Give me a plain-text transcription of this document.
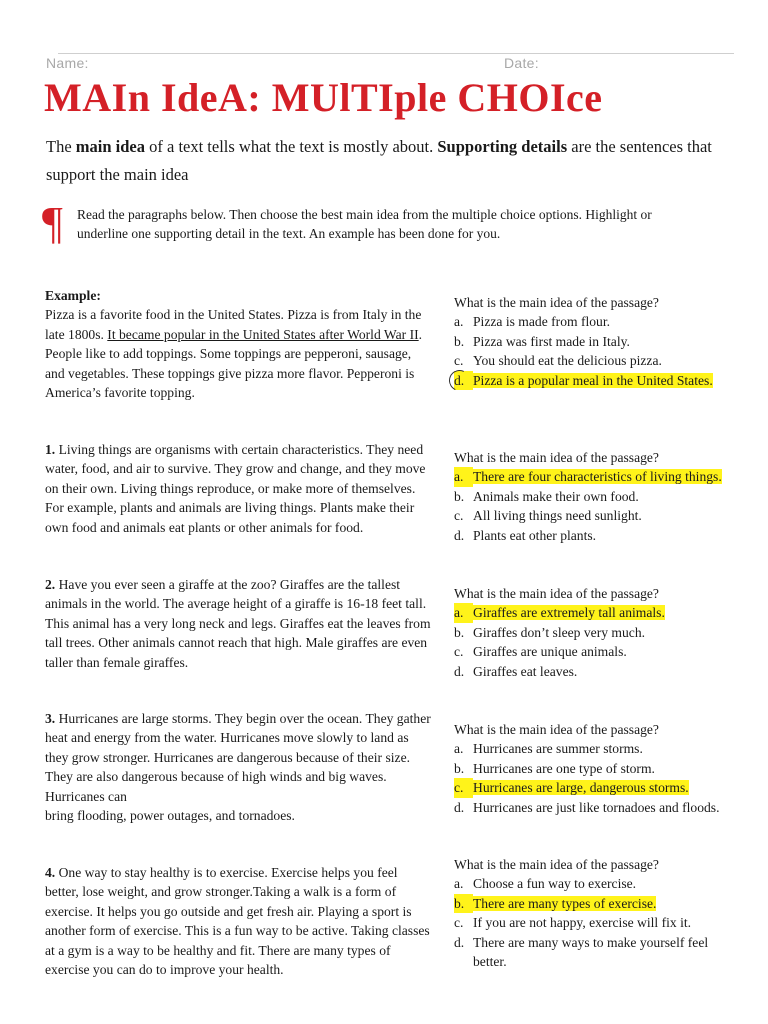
Name:	Date:
MAIn IdeA: MUlTIple CHOIce

The main idea of a text tells what the text is mostly about. Supporting details are the sentences that support the main idea

¶ Read the paragraphs below. Then choose the best main idea from the multiple choice options. Highlight or underline one supporting detail in the text. An example has been done for you.

Example:
Pizza is a favorite food in the United States. Pizza is from Italy in the late 1800s. It became popular in the United States after World War II. People like to add toppings. Some toppings are pepperoni, sausage, and vegetables. These toppings give pizza more flavor. Pepperoni is America’s favorite topping.
1. Living things are organisms with certain characteristics. They need water, food, and air to survive. They grow and change, and they move on their own. Living things reproduce, or make more of themselves. For example, plants and animals are living things. Plants make their own food and animals eat plants or other animals for food.
2. Have you ever seen a giraffe at the zoo? Giraffes are the tallest animals in the world. The average height of a giraffe is 16-18 feet tall. This animal has a very long neck and legs. Giraffes eat the leaves from tall trees. Other animals cannot reach that high. Male giraffes are even taller than female giraffes.
3. Hurricanes are large storms. They begin over the ocean. They gather heat and energy from the water. Hurricanes move slowly to land as they grow stronger. Hurricanes are dangerous because of their size. They are also dangerous because of high winds and big waves. Hurricanes can
bring flooding, power outages, and tornadoes.
4. One way to stay healthy is to exercise. Exercise helps you feel better, lose weight, and grow stronger.Taking a walk is a form of exercise. It helps you go outside and get fresh air. Playing a sport is another form of exercise. This is a fun way to be active. Taking classes at a gym is a way to be healthy and fit. There are many types of exercise you can do to improve your health.
What is the main idea of the passage?
a. Pizza is made from flour.
b. Pizza was first made in Italy.
c. You should eat the delicious pizza.
d. Pizza is a popular meal in the United States.
What is the main idea of the passage?
a. There are four characteristics of living things.
b. Animals make their own food.
c. All living things need sunlight.
d. Plants eat other plants.
What is the main idea of the passage?
a. Giraffes are extremely tall animals.
b. Giraffes don’t sleep very much.
c. Giraffes are unique animals.
d. Giraffes eat leaves.
What is the main idea of the passage?
a. Hurricanes are summer storms.
b. Hurricanes are one type of storm.
c. Hurricanes are large, dangerous storms.
d. Hurricanes are just like tornadoes and floods.
What is the main idea of the passage?
a. Choose a fun way to exercise.
b. There are many types of exercise.
c. If you are not happy, exercise will fix it.
d. There are many ways to make yourself feel better.
